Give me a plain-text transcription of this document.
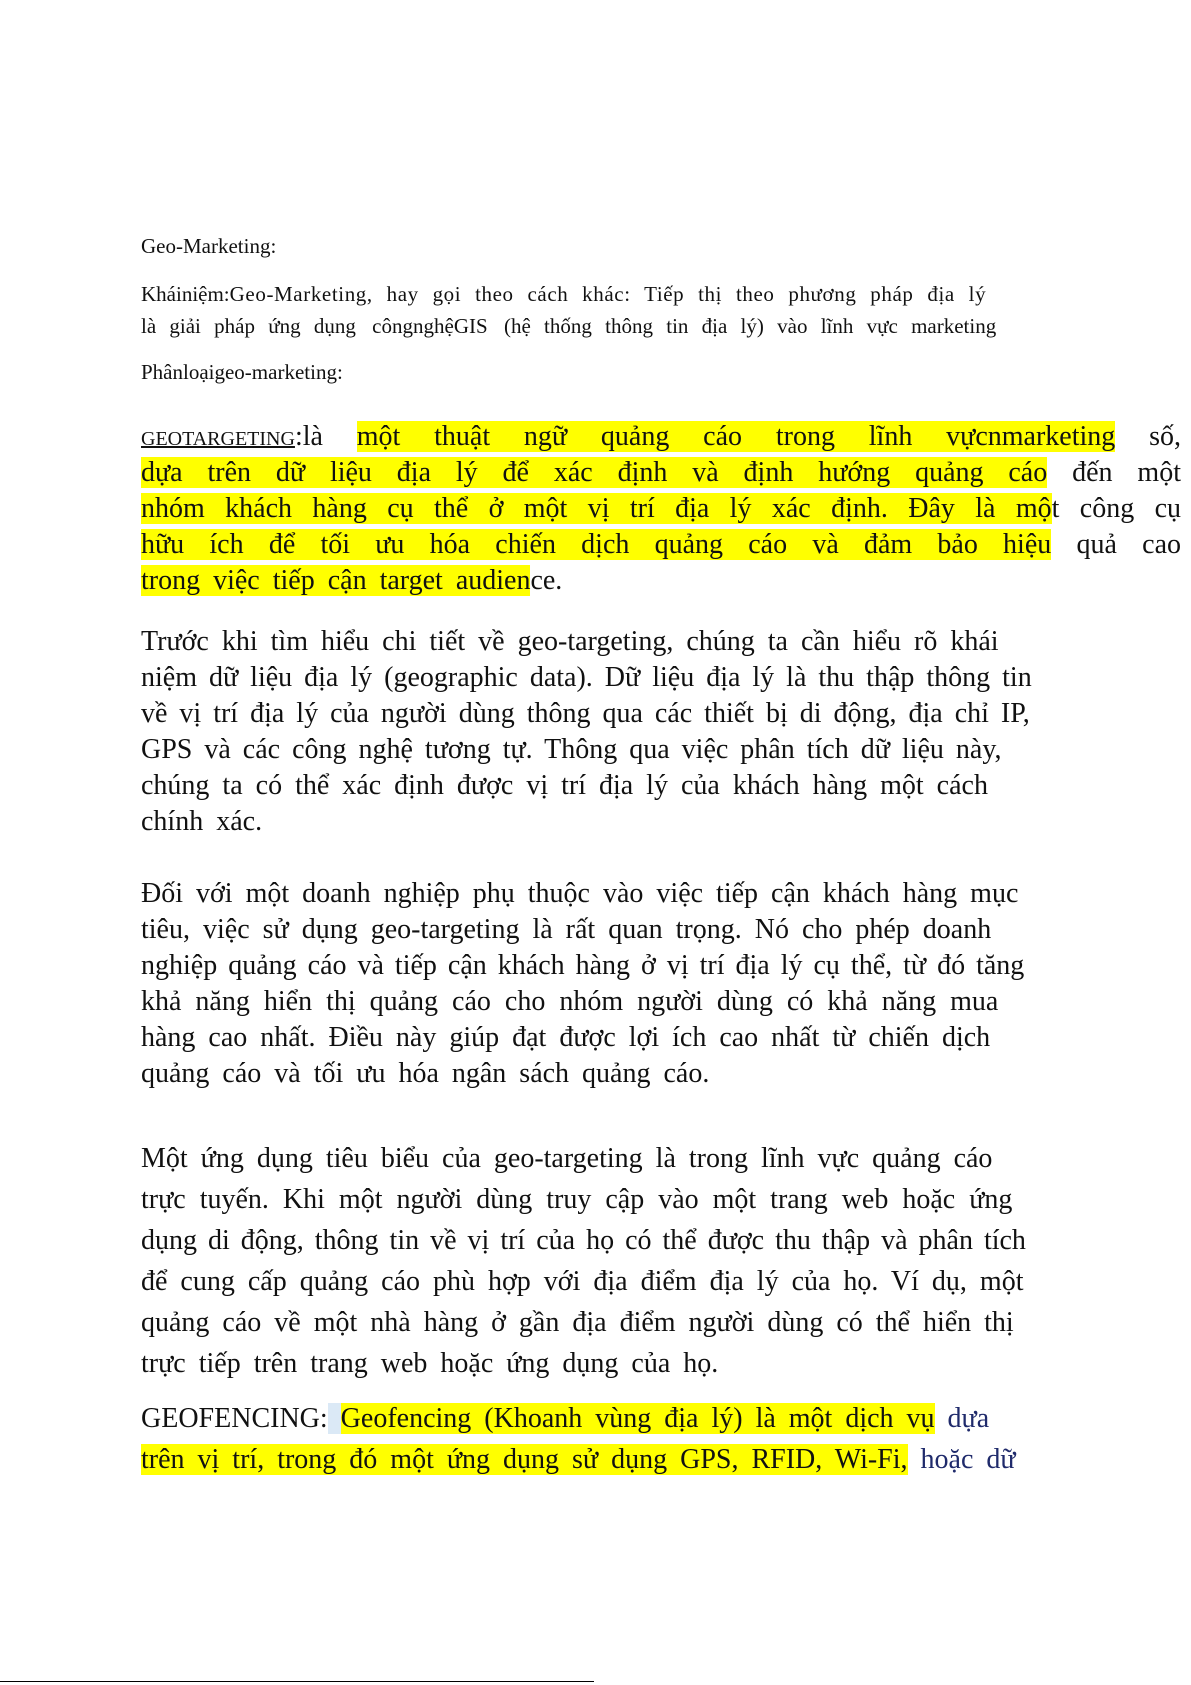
Geo-Marketing:

Kháiniệm:Geo-Marketing, hay gọi theo cách khác: Tiếp thị theo phương pháp địa lý

là giải pháp ứng dụng􏰀côngnghệGIS􏰀(hệ thống thông tin địa lý) vào lĩnh vực marketing􏰀

Phânloạigeo-marketing:

GEOTARGETING:là một thuật ngữ quảng cáo trong lĩnh vựcnmarketing số,

dựa trên dữ liệu địa lý để xác định và định hướng quảng cáo đến một

nhóm khách hàng cụ thể ở một vị trí địa lý xác định. Đây là một công cụ

hữu ích để tối ưu hóa chiến dịch quảng cáo và đảm bảo hiệu quả cao

trong việc tiếp cận target audience.

Trước khi tìm hiểu chi tiết về geo-targeting, chúng ta cần hiểu rõ khái

niệm dữ liệu địa lý (geographic data). Dữ liệu địa lý là thu thập thông tin

về vị trí địa lý của người dùng thông qua các thiết bị di động, địa chỉ IP,

GPS và các công nghệ tương tự. Thông qua việc phân tích dữ liệu này,

chúng ta có thể xác định được vị trí địa lý của khách hàng một cách

chính xác.

Đối với một doanh nghiệp phụ thuộc vào việc tiếp cận khách hàng mục

tiêu, việc sử dụng geo-targeting là rất quan trọng. Nó cho phép doanh

nghiệp quảng cáo và tiếp cận khách hàng ở vị trí địa lý cụ thể, từ đó tăng

khả năng hiển thị quảng cáo cho nhóm người dùng có khả năng mua

hàng cao nhất. Điều này giúp đạt được lợi ích cao nhất từ chiến dịch

quảng cáo và tối ưu hóa ngân sách quảng cáo.

Một ứng dụng tiêu biểu của geo-targeting là trong lĩnh vực quảng cáo

trực tuyến. Khi một người dùng truy cập vào một trang web hoặc ứng

dụng di động, thông tin về vị trí của họ có thể được thu thập và phân tích

để cung cấp quảng cáo phù hợp với địa điểm địa lý của họ. Ví dụ, một

quảng cáo về một nhà hàng ở gần địa điểm người dùng có thể hiển thị

trực tiếp trên trang web hoặc ứng dụng của họ.

GEOFENCING: Geofencing (Khoanh vùng địa lý) là một dịch vụ dựa

trên vị trí, trong đó một ứng dụng sử dụng GPS, RFID, Wi-Fi, hoặc dữ
